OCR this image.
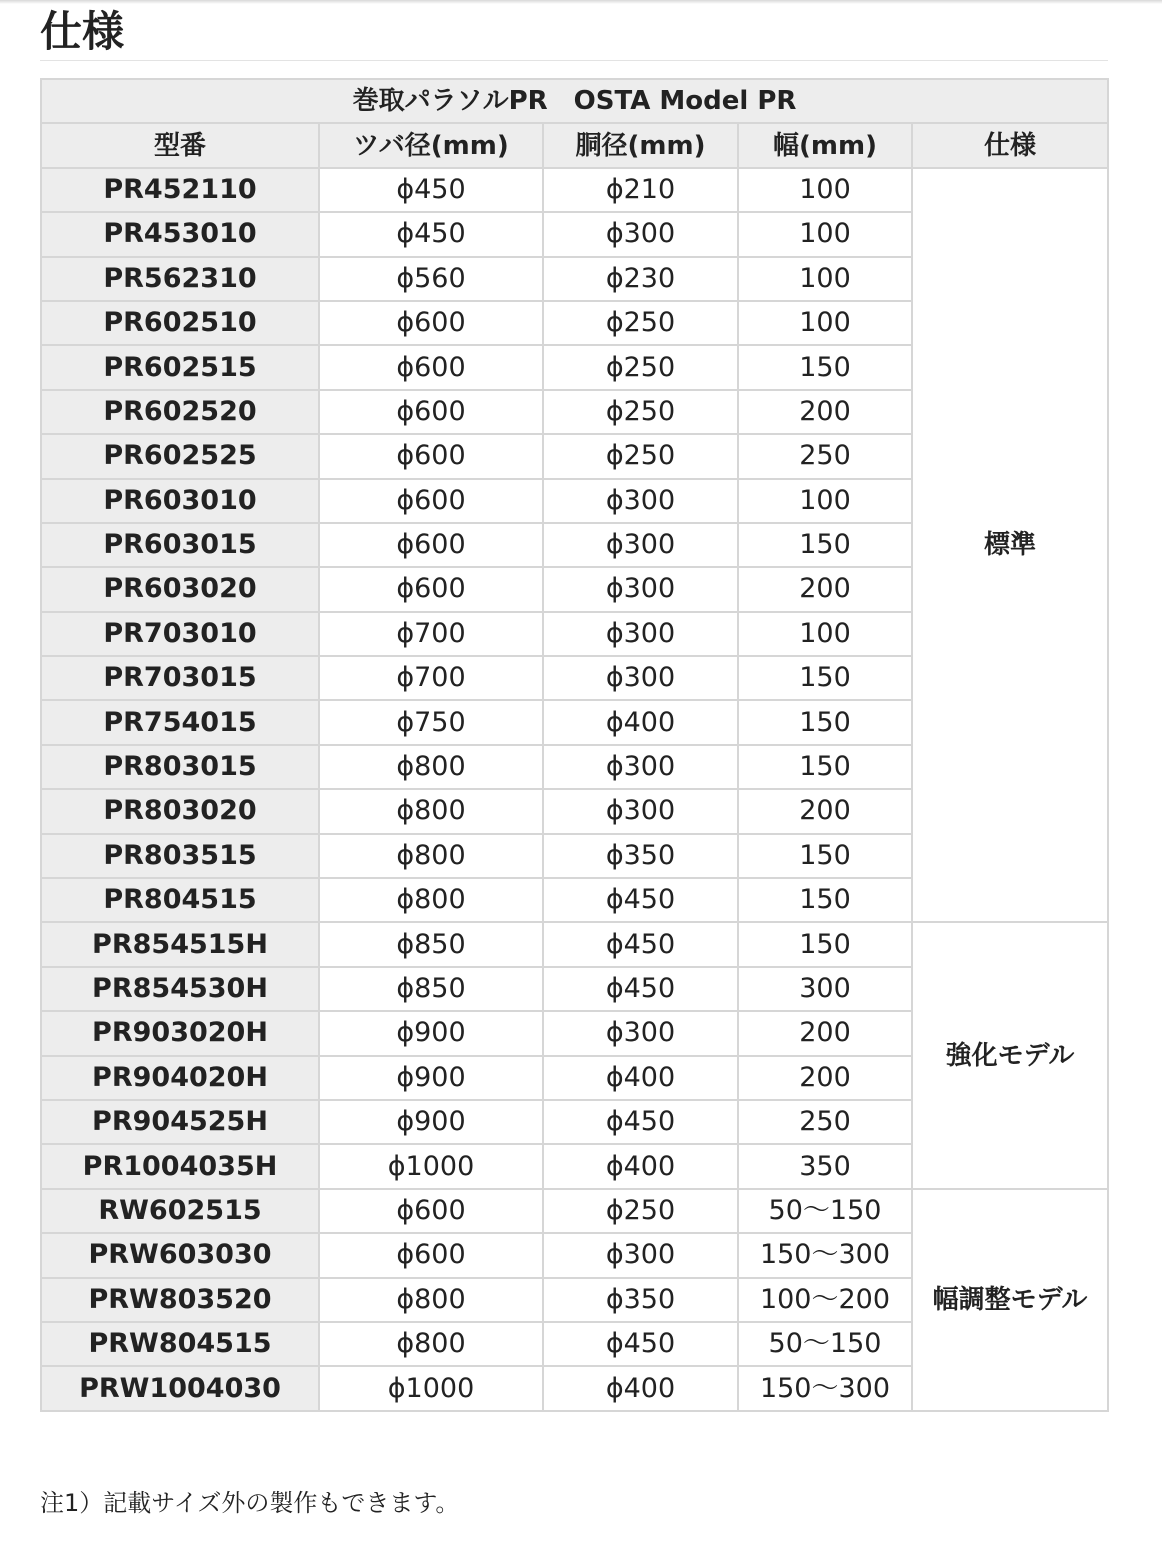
仕様
巻取パラソルPR　OSTA Model PR				
型番	ツバ径(mm)	胴径(mm)	幅(mm)	仕様
PR452110	ϕ450	ϕ210	100	標準
PR453010	ϕ450	ϕ300	100	
PR562310	ϕ560	ϕ230	100	
PR602510	ϕ600	ϕ250	100	
PR602515	ϕ600	ϕ250	150	
PR602520	ϕ600	ϕ250	200	
PR602525	ϕ600	ϕ250	250	
PR603010	ϕ600	ϕ300	100	
PR603015	ϕ600	ϕ300	150	
PR603020	ϕ600	ϕ300	200	
PR703010	ϕ700	ϕ300	100	
PR703015	ϕ700	ϕ300	150	
PR754015	ϕ750	ϕ400	150	
PR803015	ϕ800	ϕ300	150	
PR803020	ϕ800	ϕ300	200	
PR803515	ϕ800	ϕ350	150	
PR804515	ϕ800	ϕ450	150	
PR854515H	ϕ850	ϕ450	150	強化モデル
PR854530H	ϕ850	ϕ450	300	
PR903020H	ϕ900	ϕ300	200	
PR904020H	ϕ900	ϕ400	200	
PR904525H	ϕ900	ϕ450	250	
PR1004035H	ϕ1000	ϕ400	350	
RW602515	ϕ600	ϕ250	50〜150	幅調整モデル
PRW603030	ϕ600	ϕ300	150〜300	
PRW803520	ϕ800	ϕ350	100〜200	
PRW804515	ϕ800	ϕ450	50〜150	
PRW1004030	ϕ1000	ϕ400	150〜300	
注1）記載サイズ外の製作もできます。
